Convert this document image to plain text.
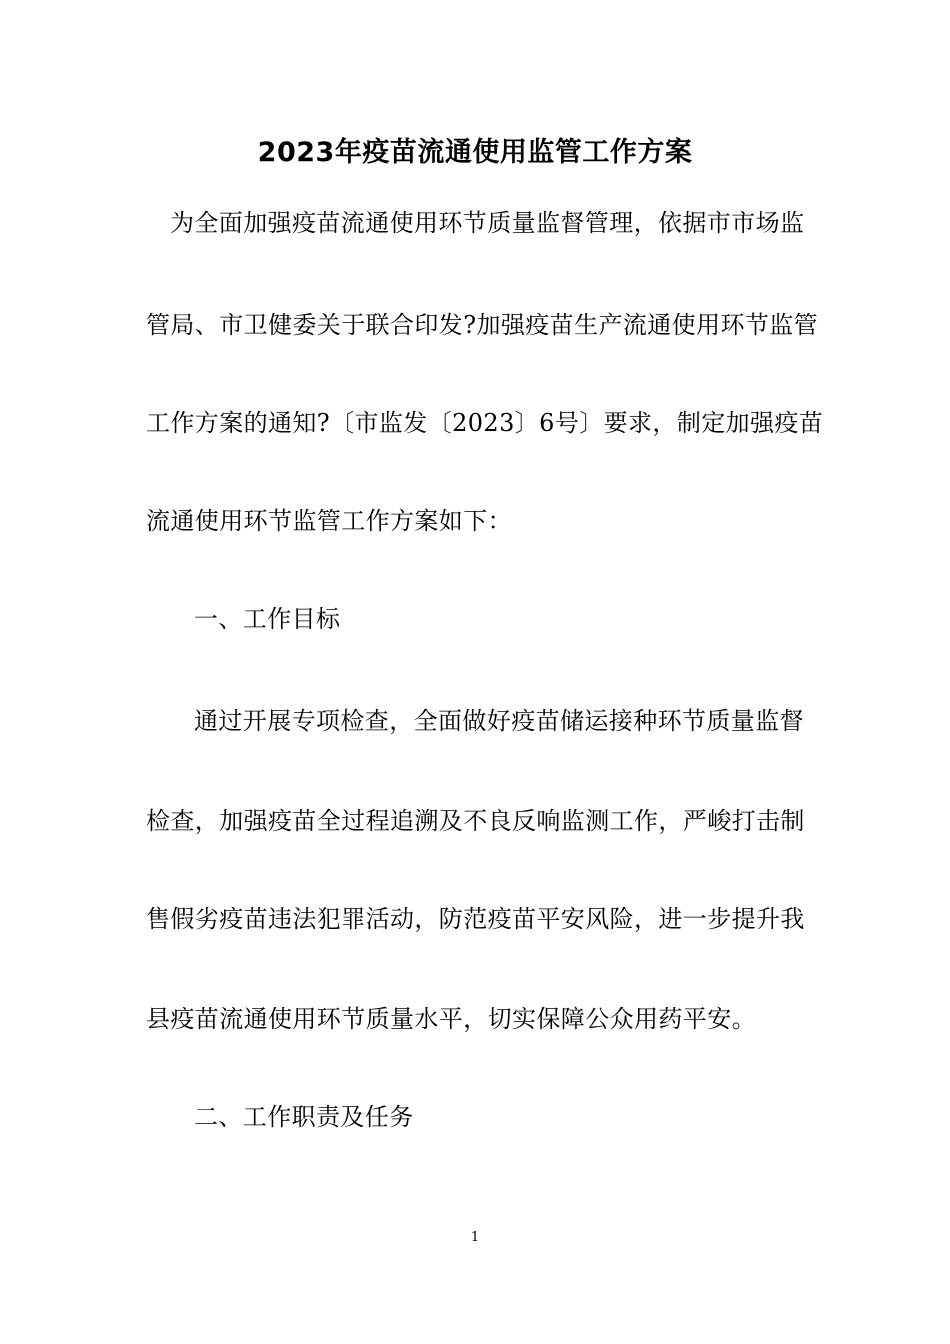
2023年疫苗流通使用监管工作方案
为全面加强疫苗流通使用环节质量监督管理，依据市市场监
管局、市卫健委关于联合印发?加强疫苗生产流通使用环节监管
工作方案的通知?〔市监发〔2023〕6号〕要求，制定加强疫苗
流通使用环节监管工作方案如下：
一、工作目标
通过开展专项检查，全面做好疫苗储运接种环节质量监督
检查，加强疫苗全过程追溯及不良反响监测工作，严峻打击制
售假劣疫苗违法犯罪活动，防范疫苗平安风险，进一步提升我
县疫苗流通使用环节质量水平，切实保障公众用药平安。
二、工作职责及任务
1
